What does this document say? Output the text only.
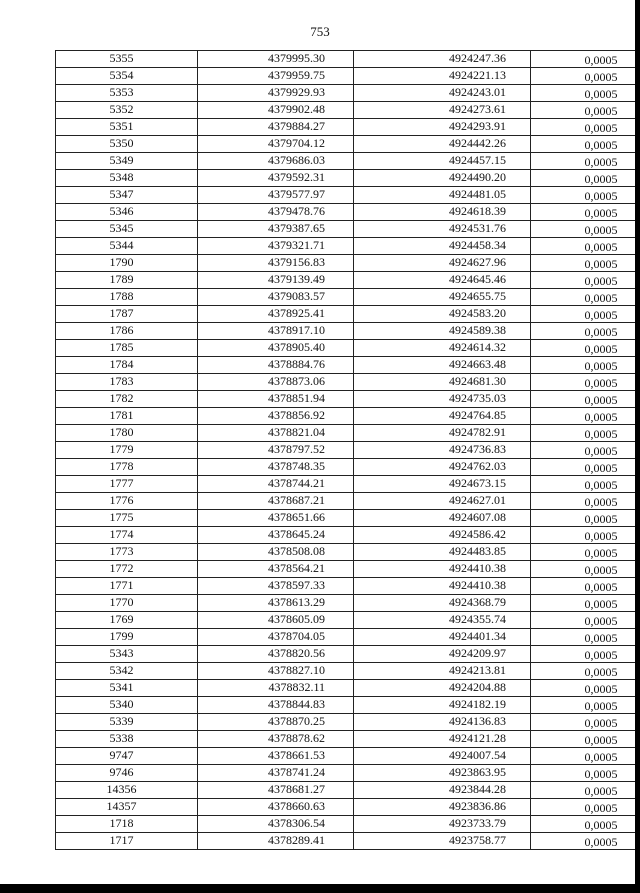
753
5355	4379995.30	4924247.36	0,0005
5354	4379959.75	4924221.13	0,0005
5353	4379929.93	4924243.01	0,0005
5352	4379902.48	4924273.61	0,0005
5351	4379884.27	4924293.91	0,0005
5350	4379704.12	4924442.26	0,0005
5349	4379686.03	4924457.15	0,0005
5348	4379592.31	4924490.20	0,0005
5347	4379577.97	4924481.05	0,0005
5346	4379478.76	4924618.39	0,0005
5345	4379387.65	4924531.76	0,0005
5344	4379321.71	4924458.34	0,0005
1790	4379156.83	4924627.96	0,0005
1789	4379139.49	4924645.46	0,0005
1788	4379083.57	4924655.75	0,0005
1787	4378925.41	4924583.20	0,0005
1786	4378917.10	4924589.38	0,0005
1785	4378905.40	4924614.32	0,0005
1784	4378884.76	4924663.48	0,0005
1783	4378873.06	4924681.30	0,0005
1782	4378851.94	4924735.03	0,0005
1781	4378856.92	4924764.85	0,0005
1780	4378821.04	4924782.91	0,0005
1779	4378797.52	4924736.83	0,0005
1778	4378748.35	4924762.03	0,0005
1777	4378744.21	4924673.15	0,0005
1776	4378687.21	4924627.01	0,0005
1775	4378651.66	4924607.08	0,0005
1774	4378645.24	4924586.42	0,0005
1773	4378508.08	4924483.85	0,0005
1772	4378564.21	4924410.38	0,0005
1771	4378597.33	4924410.38	0,0005
1770	4378613.29	4924368.79	0,0005
1769	4378605.09	4924355.74	0,0005
1799	4378704.05	4924401.34	0,0005
5343	4378820.56	4924209.97	0,0005
5342	4378827.10	4924213.81	0,0005
5341	4378832.11	4924204.88	0,0005
5340	4378844.83	4924182.19	0,0005
5339	4378870.25	4924136.83	0,0005
5338	4378878.62	4924121.28	0,0005
9747	4378661.53	4924007.54	0,0005
9746	4378741.24	4923863.95	0,0005
14356	4378681.27	4923844.28	0,0005
14357	4378660.63	4923836.86	0,0005
1718	4378306.54	4923733.79	0,0005
1717	4378289.41	4923758.77	0,0005
